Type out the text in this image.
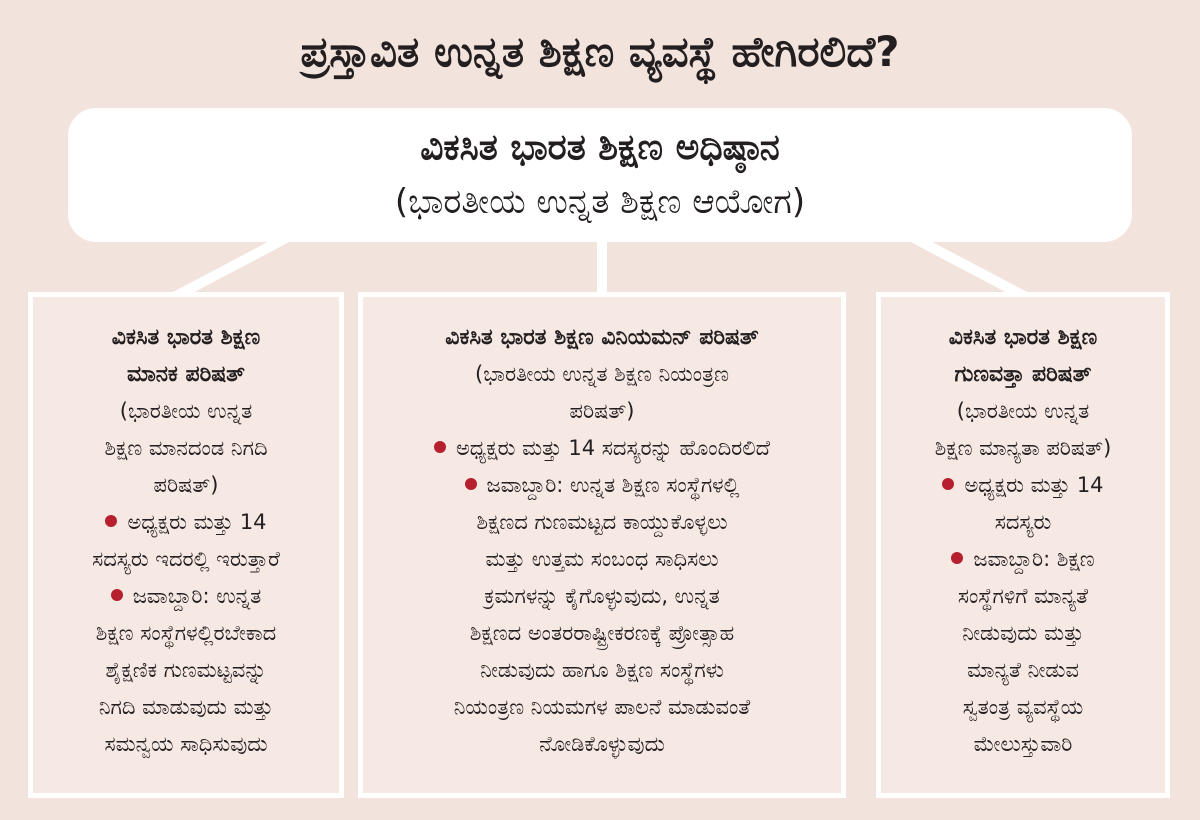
ಪ್ರಸ್ತಾವಿತ ಉನ್ನತ ಶಿಕ್ಷಣ ವ್ಯವಸ್ಥೆ ಹೇಗಿರಲಿದೆ?
ವಿಕಸಿತ ಭಾರತ ಶಿಕ್ಷಣ ಅಧಿಷ್ಠಾನ
(ಭಾರತೀಯ ಉನ್ನತ ಶಿಕ್ಷಣ ಆಯೋಗ)
ವಿಕಸಿತ ಭಾರತ ಶಿಕ್ಷಣ
ಮಾನಕ ಪರಿಷತ್
(ಭಾರತೀಯ ಉನ್ನತ
ಶಿಕ್ಷಣ ಮಾನದಂಡ ನಿಗದಿ
ಪರಿಷತ್)
ಅಧ್ಯಕ್ಷರು ಮತ್ತು 14
ಸದಸ್ಯರು ಇದರಲ್ಲಿ ಇರುತ್ತಾರೆ
ಜವಾಬ್ದಾರಿ: ಉನ್ನತ
ಶಿಕ್ಷಣ ಸಂಸ್ಥೆಗಳಲ್ಲಿರಬೇಕಾದ
ಶೈಕ್ಷಣಿಕ ಗುಣಮಟ್ಟವನ್ನು
ನಿಗದಿ ಮಾಡುವುದು ಮತ್ತು
ಸಮನ್ವಯ ಸಾಧಿಸುವುದು
ವಿಕಸಿತ ಭಾರತ ಶಿಕ್ಷಣ ವಿನಿಯಮನ್ ಪರಿಷತ್
(ಭಾರತೀಯ ಉನ್ನತ ಶಿಕ್ಷಣ ನಿಯಂತ್ರಣ
ಪರಿಷತ್)
ಅಧ್ಯಕ್ಷರು ಮತ್ತು 14 ಸದಸ್ಯರನ್ನು ಹೊಂದಿರಲಿದೆ
ಜವಾಬ್ದಾರಿ: ಉನ್ನತ ಶಿಕ್ಷಣ ಸಂಸ್ಥೆಗಳಲ್ಲಿ
ಶಿಕ್ಷಣದ ಗುಣಮಟ್ಟದ ಕಾಯ್ದುಕೊಳ್ಳಲು
ಮತ್ತು ಉತ್ತಮ ಸಂಬಂಧ ಸಾಧಿಸಲು
ಕ್ರಮಗಳನ್ನು ಕೈಗೊಳ್ಳುವುದು, ಉನ್ನತ
ಶಿಕ್ಷಣದ ಅಂತರರಾಷ್ಟ್ರೀಕರಣಕ್ಕೆ ಪ್ರೋತ್ಸಾಹ
ನೀಡುವುದು ಹಾಗೂ ಶಿಕ್ಷಣ ಸಂಸ್ಥೆಗಳು
ನಿಯಂತ್ರಣ ನಿಯಮಗಳ ಪಾಲನೆ ಮಾಡುವಂತೆ
ನೋಡಿಕೊಳ್ಳುವುದು
ವಿಕಸಿತ ಭಾರತ ಶಿಕ್ಷಣ
ಗುಣವತ್ತಾ ಪರಿಷತ್
(ಭಾರತೀಯ ಉನ್ನತ
ಶಿಕ್ಷಣ ಮಾನ್ಯತಾ ಪರಿಷತ್)
ಅಧ್ಯಕ್ಷರು ಮತ್ತು 14
ಸದಸ್ಯರು
ಜವಾಬ್ದಾರಿ: ಶಿಕ್ಷಣ
ಸಂಸ್ಥೆಗಳಿಗೆ ಮಾನ್ಯತೆ
ನೀಡುವುದು ಮತ್ತು
ಮಾನ್ಯತೆ ನೀಡುವ
ಸ್ವತಂತ್ರ ವ್ಯವಸ್ಥೆಯ
ಮೇಲುಸ್ತುವಾರಿ
